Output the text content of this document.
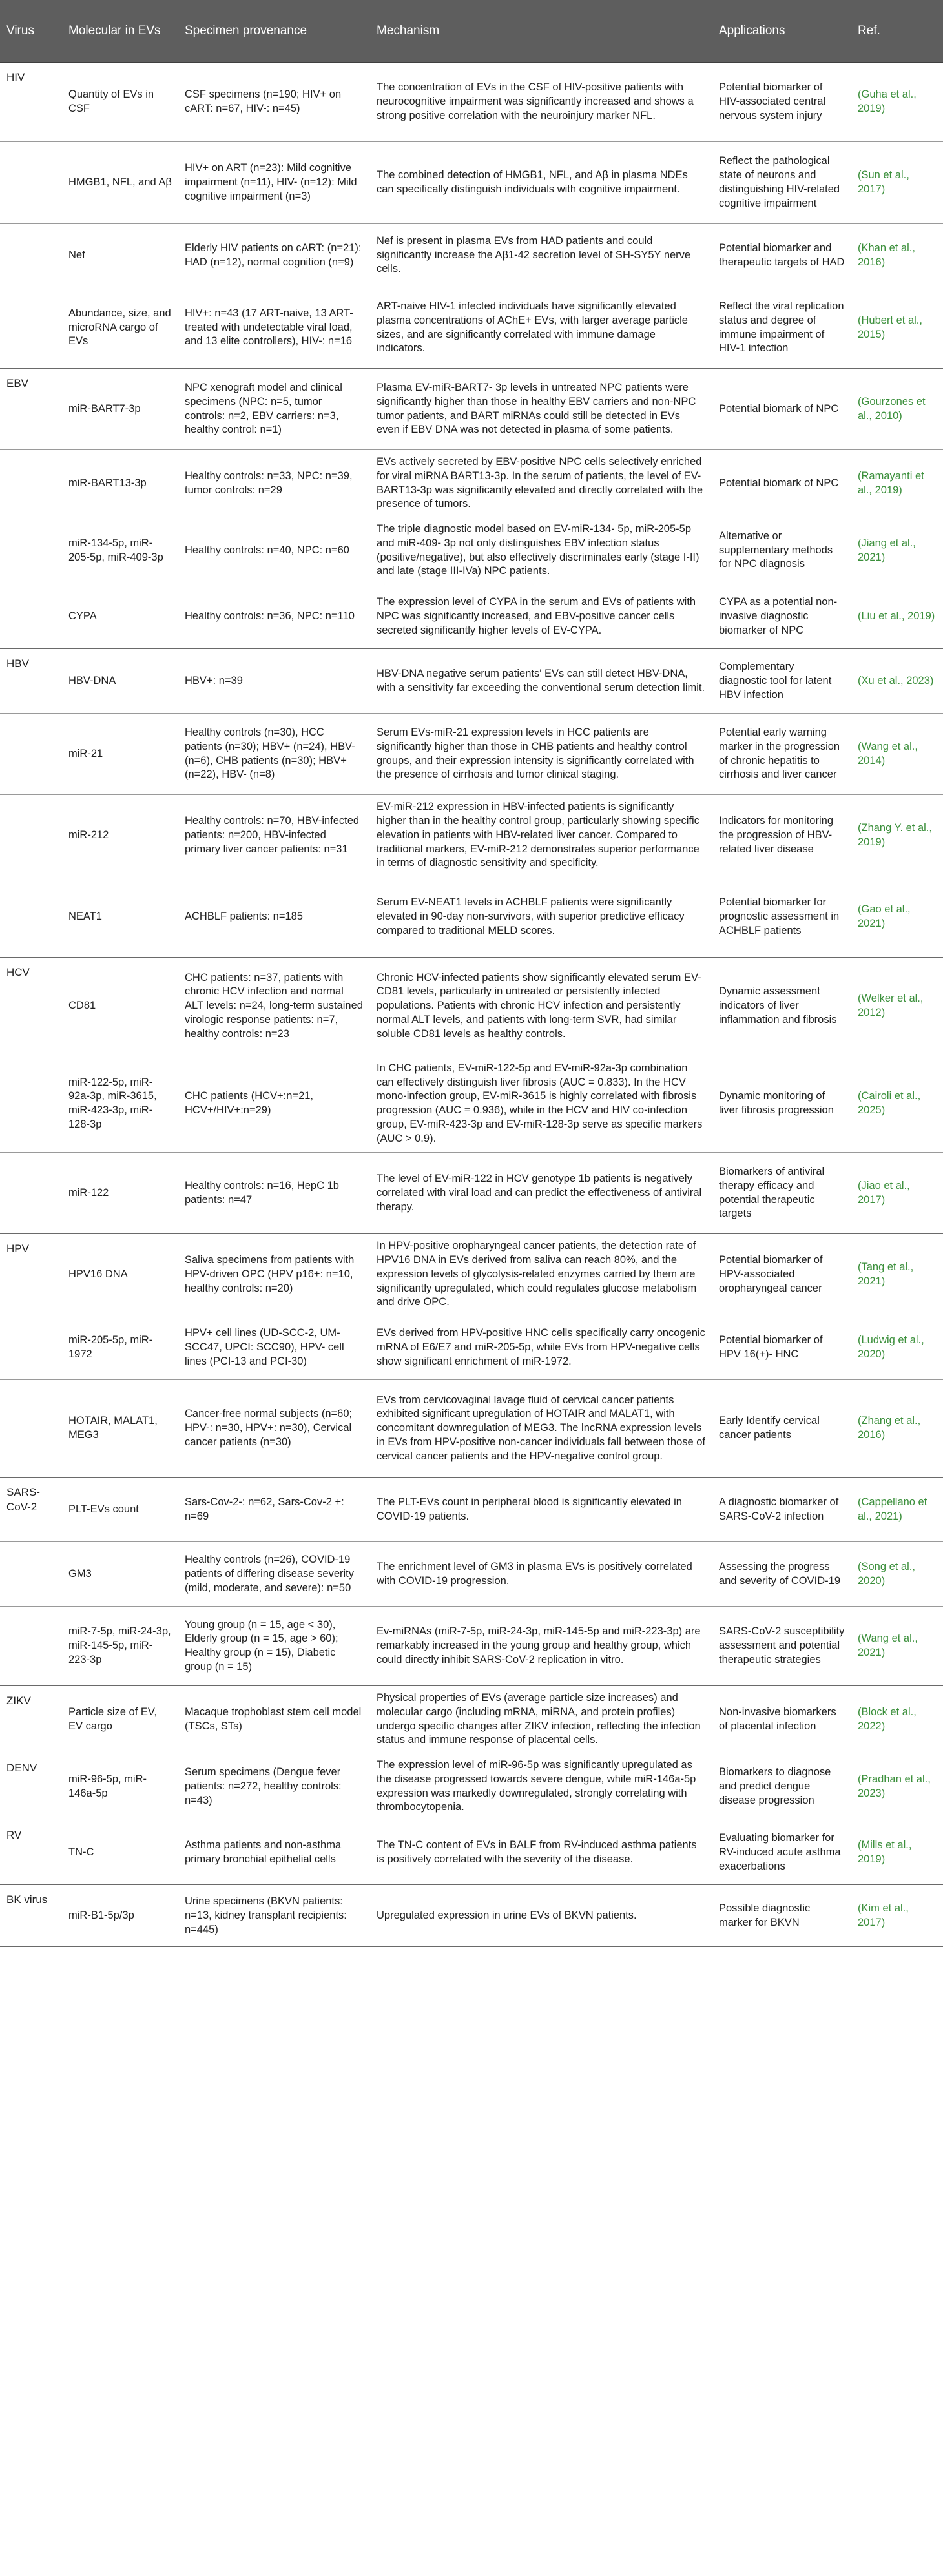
Virus	Molecular in EVs	Specimen provenance	Mechanism	Applications	Ref.
HIV	Quantity of EVs in CSF	CSF specimens (n=190; HIV+ on cART: n=67, HIV-: n=45)	The concentration of EVs in the CSF of HIV-positive patients with neurocognitive impairment was significantly increased and shows a strong positive correlation with the neuroinjury marker NFL.	Potential biomarker of HIV-associated central nervous system injury	(Guha et al., 2019)
	HMGB1, NFL, and Aβ	HIV+ on ART (n=23): Mild cognitive impairment (n=11), HIV- (n=12): Mild cognitive impairment (n=3)	The combined detection of HMGB1, NFL, and Aβ in plasma NDEs can specifically distinguish individuals with cognitive impairment.	Reflect the pathological state of neurons and distinguishing HIV-related cognitive impairment	(Sun et al., 2017)
	Nef	Elderly HIV patients on cART: (n=21): HAD (n=12), normal cognition (n=9)	Nef is present in plasma EVs from HAD patients and could significantly increase the Aβ1-42 secretion level of SH-SY5Y nerve cells.	Potential biomarker and therapeutic targets of HAD	(Khan et al., 2016)
	Abundance, size, and microRNA cargo of EVs	HIV+: n=43 (17 ART-naive, 13 ART-treated with undetectable viral load, and 13 elite controllers), HIV-: n=16	ART-naive HIV-1 infected individuals have significantly elevated plasma concentrations of AChE+ EVs, with larger average particle sizes, and are significantly correlated with immune damage indicators.	Reflect the viral replication status and degree of immune impairment of HIV-1 infection	(Hubert et al., 2015)
EBV	miR-BART7-3p	NPC xenograft model and clinical specimens (NPC: n=5, tumor controls: n=2, EBV carriers: n=3, healthy control: n=1)	Plasma EV-miR-BART7- 3p levels in untreated NPC patients were significantly higher than those in healthy EBV carriers and non-NPC tumor patients, and BART miRNAs could still be detected in EVs even if EBV DNA was not detected in plasma of some patients.	Potential biomark of NPC	(Gourzones et al., 2010)
	miR-BART13-3p	Healthy controls: n=33, NPC: n=39, tumor controls: n=29	EVs actively secreted by EBV-positive NPC cells selectively enriched for viral miRNA BART13-3p. In the serum of patients, the level of EV-BART13-3p was significantly elevated and directly correlated with the presence of tumors.	Potential biomark of NPC	(Ramayanti et al., 2019)
	miR-134-5p, miR-205-5p, miR-409-3p	Healthy controls: n=40, NPC: n=60	The triple diagnostic model based on EV-miR-134- 5p, miR-205-5p and miR-409- 3p not only distinguishes EBV infection status (positive/negative), but also effectively discriminates early (stage I-II) and late (stage III-IVa) NPC patients.	Alternative or supplementary methods for NPC diagnosis	(Jiang et al., 2021)
	CYPA	Healthy controls: n=36, NPC: n=110	The expression level of CYPA in the serum and EVs of patients with NPC was significantly increased, and EBV-positive cancer cells secreted significantly higher levels of EV-CYPA.	CYPA as a potential non-invasive diagnostic biomarker of NPC	(Liu et al., 2019)
HBV	HBV-DNA	HBV+: n=39	HBV-DNA negative serum patients' EVs can still detect HBV-DNA, with a sensitivity far exceeding the conventional serum detection limit.	Complementary diagnostic tool for latent HBV infection	(Xu et al., 2023)
	miR-21	Healthy controls (n=30), HCC patients (n=30); HBV+ (n=24), HBV- (n=6), CHB patients (n=30); HBV+ (n=22), HBV- (n=8)	Serum EVs-miR-21 expression levels in HCC patients are significantly higher than those in CHB patients and healthy control groups, and their expression intensity is significantly correlated with the presence of cirrhosis and tumor clinical staging.	Potential early warning marker in the progression of chronic hepatitis to cirrhosis and liver cancer	(Wang et al., 2014)
	miR-212	Healthy controls: n=70, HBV-infected patients: n=200, HBV-infected primary liver cancer patients: n=31	EV-miR-212 expression in HBV-infected patients is significantly higher than in the healthy control group, particularly showing specific elevation in patients with HBV-related liver cancer. Compared to traditional markers, EV-miR-212 demonstrates superior performance in terms of diagnostic sensitivity and specificity.	Indicators for monitoring the progression of HBV-related liver disease	(Zhang Y. et al., 2019)
	NEAT1	ACHBLF patients: n=185	Serum EV-NEAT1 levels in ACHBLF patients were significantly elevated in 90-day non-survivors, with superior predictive efficacy compared to traditional MELD scores.	Potential biomarker for prognostic assessment in ACHBLF patients	(Gao et al., 2021)
HCV	CD81	CHC patients: n=37, patients with chronic HCV infection and normal ALT levels: n=24, long-term sustained virologic response patients: n=7, healthy controls: n=23	Chronic HCV-infected patients show significantly elevated serum EV-CD81 levels, particularly in untreated or persistently infected populations. Patients with chronic HCV infection and persistently normal ALT levels, and patients with long-term SVR, had similar soluble CD81 levels as healthy controls.	Dynamic assessment indicators of liver inflammation and fibrosis	(Welker et al., 2012)
	miR-122-5p, miR-92a-3p, miR-3615, miR-423-3p, miR-128-3p	CHC patients (HCV+:n=21, HCV+/HIV+:n=29)	In CHC patients, EV-miR-122-5p and EV-miR-92a-3p combination can effectively distinguish liver fibrosis (AUC = 0.833). In the HCV mono-infection group, EV-miR-3615 is highly correlated with fibrosis progression (AUC = 0.936), while in the HCV and HIV co-infection group, EV-miR-423-3p and EV-miR-128-3p serve as specific markers (AUC > 0.9).	Dynamic monitoring of liver fibrosis progression	(Cairoli et al., 2025)
	miR-122	Healthy controls: n=16, HepC 1b patients: n=47	The level of EV-miR-122 in HCV genotype 1b patients is negatively correlated with viral load and can predict the effectiveness of antiviral therapy.	Biomarkers of antiviral therapy efficacy and potential therapeutic targets	(Jiao et al., 2017)
HPV	HPV16 DNA	Saliva specimens from patients with HPV-driven OPC (HPV p16+: n=10, healthy controls: n=20)	In HPV-positive oropharyngeal cancer patients, the detection rate of HPV16 DNA in EVs derived from saliva can reach 80%, and the expression levels of glycolysis-related enzymes carried by them are significantly upregulated, which could regulates glucose metabolism and drive OPC.	Potential biomarker of HPV-associated oropharyngeal cancer	(Tang et al., 2021)
	miR-205-5p, miR-1972	HPV+ cell lines (UD-SCC-2, UM-SCC47, UPCI: SCC90), HPV- cell lines (PCI-13 and PCI-30)	EVs derived from HPV-positive HNC cells specifically carry oncogenic mRNA of E6/E7 and miR-205-5p, while EVs from HPV-negative cells show significant enrichment of miR-1972.	Potential biomarker of HPV 16(+)- HNC	(Ludwig et al., 2020)
	HOTAIR, MALAT1, MEG3	Cancer-free normal subjects (n=60; HPV-: n=30, HPV+: n=30), Cervical cancer patients (n=30)	EVs from cervicovaginal lavage fluid of cervical cancer patients exhibited significant upregulation of HOTAIR and MALAT1, with concomitant downregulation of MEG3. The lncRNA expression levels in EVs from HPV-positive non-cancer individuals fall between those of cervical cancer patients and the HPV-negative control group.	Early Identify cervical cancer patients	(Zhang et al., 2016)
SARS-CoV-2	PLT-EVs count	Sars-Cov-2-: n=62, Sars-Cov-2 +: n=69	The PLT-EVs count in peripheral blood is significantly elevated in COVID-19 patients.	A diagnostic biomarker of SARS-CoV-2 infection	(Cappellano et al., 2021)
	GM3	Healthy controls (n=26), COVID-19 patients of differing disease severity (mild, moderate, and severe): n=50	The enrichment level of GM3 in plasma EVs is positively correlated with COVID-19 progression.	Assessing the progress and severity of COVID-19	(Song et al., 2020)
	miR-7-5p, miR-24-3p, miR-145-5p, miR-223-3p	Young group (n = 15, age < 30), Elderly group (n = 15, age > 60); Healthy group (n = 15), Diabetic group (n = 15)	Ev-miRNAs (miR-7-5p, miR-24-3p, miR-145-5p and miR-223-3p) are remarkably increased in the young group and healthy group, which could directly inhibit SARS-CoV-2 replication in vitro.	SARS-CoV-2 susceptibility assessment and potential therapeutic strategies	(Wang et al., 2021)
ZIKV	Particle size of EV, EV cargo	Macaque trophoblast stem cell model (TSCs, STs)	Physical properties of EVs (average particle size increases) and molecular cargo (including mRNA, miRNA, and protein profiles) undergo specific changes after ZIKV infection, reflecting the infection status and immune response of placental cells.	Non-invasive biomarkers of placental infection	(Block et al., 2022)
DENV	miR-96-5p, miR-146a-5p	Serum specimens (Dengue fever patients: n=272, healthy controls: n=43)	The expression level of miR-96-5p was significantly upregulated as the disease progressed towards severe dengue, while miR-146a-5p expression was markedly downregulated, strongly correlating with thrombocytopenia.	Biomarkers to diagnose and predict dengue disease progression	(Pradhan et al., 2023)
RV	TN-C	Asthma patients and non-asthma primary bronchial epithelial cells	The TN-C content of EVs in BALF from RV-induced asthma patients is positively correlated with the severity of the disease.	Evaluating biomarker for RV-induced acute asthma exacerbations	(Mills et al., 2019)
BK virus	miR-B1-5p/3p	Urine specimens (BKVN patients: n=13, kidney transplant recipients: n=445)	Upregulated expression in urine EVs of BKVN patients.	Possible diagnostic marker for BKVN	(Kim et al., 2017)
